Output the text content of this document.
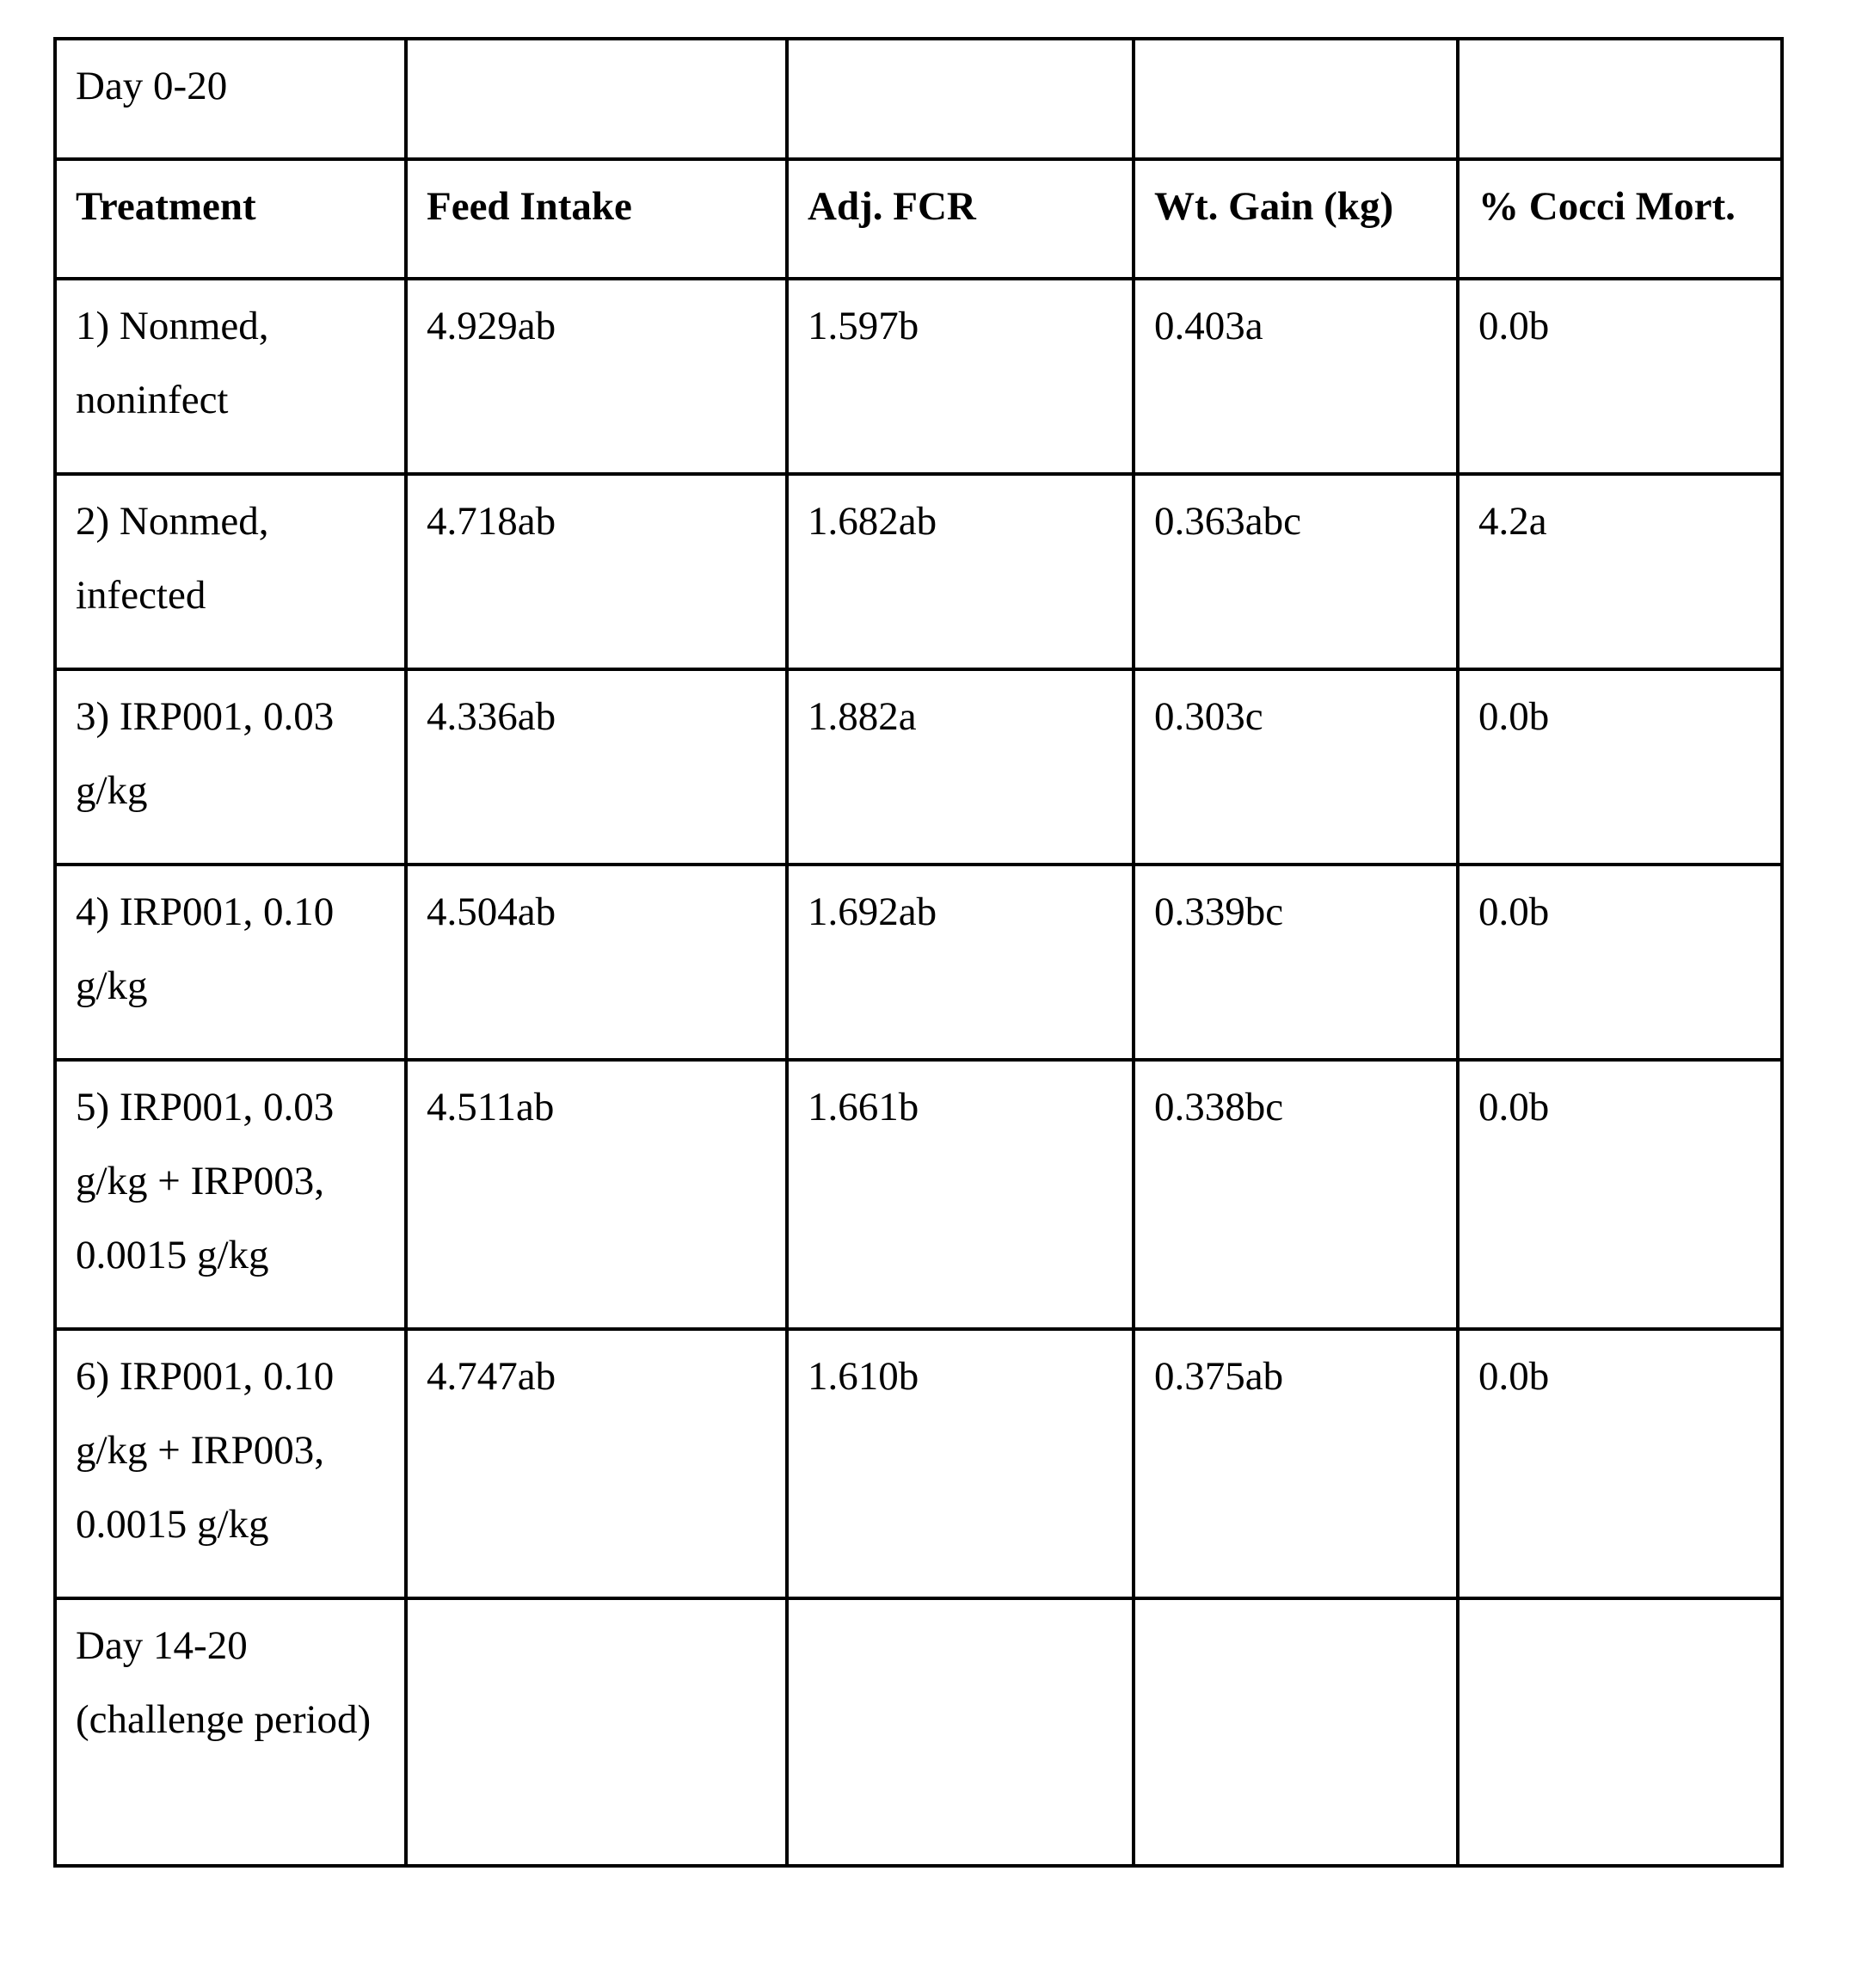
Day 0-20				
Treatment	Feed Intake	Adj. FCR	Wt. Gain (kg)	% Cocci Mort.
1) Nonmed, noninfect	4.929ab	1.597b	0.403a	0.0b
2) Nonmed, infected	4.718ab	1.682ab	0.363abc	4.2a
3) IRP001, 0.03 g/kg	4.336ab	1.882a	0.303c	0.0b
4) IRP001, 0.10 g/kg	4.504ab	1.692ab	0.339bc	0.0b
5) IRP001, 0.03 g/kg + IRP003, 0.0015 g/kg	4.511ab	1.661b	0.338bc	0.0b
6) IRP001, 0.10 g/kg + IRP003, 0.0015 g/kg	4.747ab	1.610b	0.375ab	0.0b
Day 14-20 (challenge period)				
